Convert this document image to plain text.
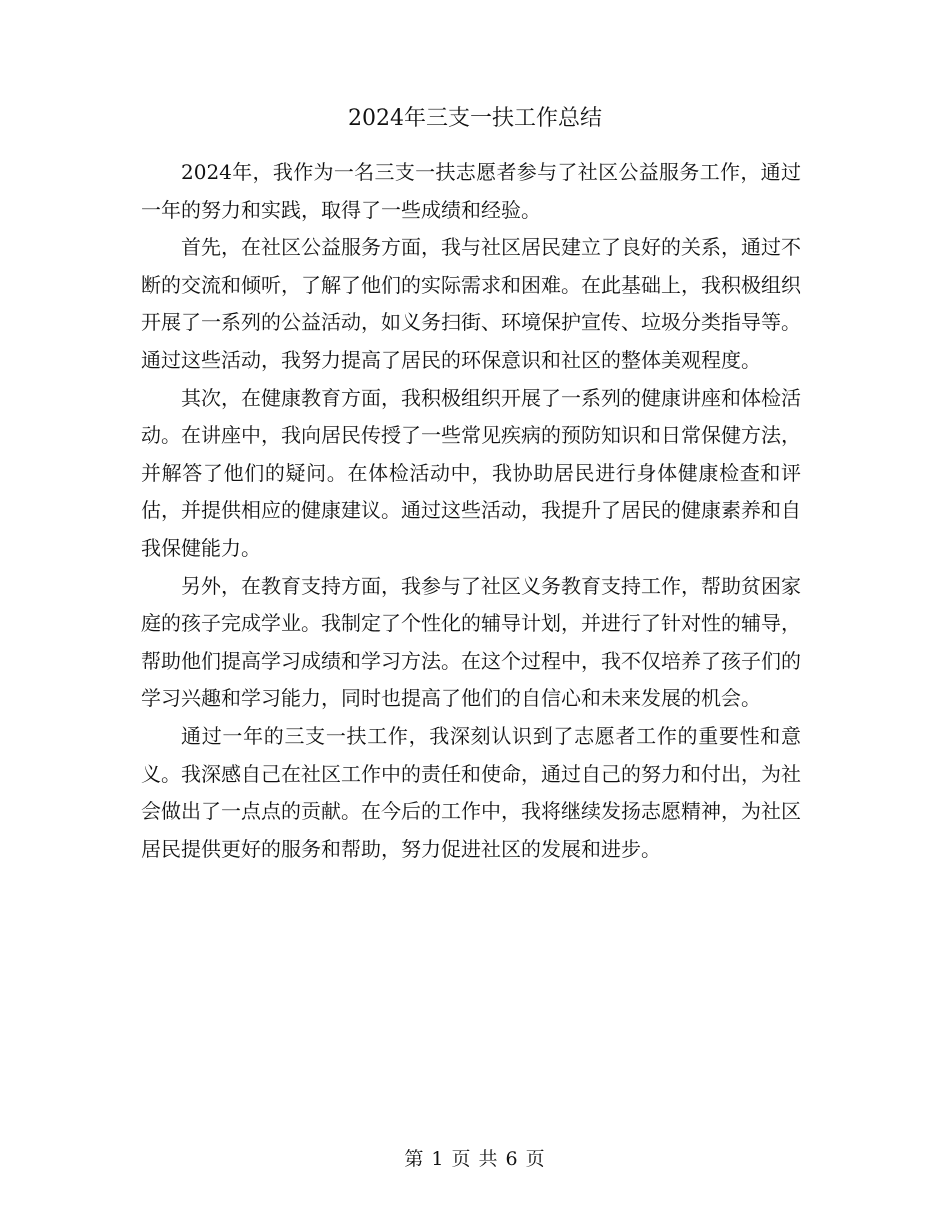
2024年三支一扶工作总结

2024年，我作为一名三支一扶志愿者参与了社区公益服务工作，通过一年的努力和实践，取得了一些成绩和经验。

首先，在社区公益服务方面，我与社区居民建立了良好的关系，通过不断的交流和倾听，了解了他们的实际需求和困难。在此基础上，我积极组织开展了一系列的公益活动，如义务扫街、环境保护宣传、垃圾分类指导等。通过这些活动，我努力提高了居民的环保意识和社区的整体美观程度。

其次，在健康教育方面，我积极组织开展了一系列的健康讲座和体检活动。在讲座中，我向居民传授了一些常见疾病的预防知识和日常保健方法，并解答了他们的疑问。在体检活动中，我协助居民进行身体健康检查和评估，并提供相应的健康建议。通过这些活动，我提升了居民的健康素养和自我保健能力。

另外，在教育支持方面，我参与了社区义务教育支持工作，帮助贫困家庭的孩子完成学业。我制定了个性化的辅导计划，并进行了针对性的辅导，帮助他们提高学习成绩和学习方法。在这个过程中，我不仅培养了孩子们的学习兴趣和学习能力，同时也提高了他们的自信心和未来发展的机会。

通过一年的三支一扶工作，我深刻认识到了志愿者工作的重要性和意义。我深感自己在社区工作中的责任和使命，通过自己的努力和付出，为社会做出了一点点的贡献。在今后的工作中，我将继续发扬志愿精神，为社区居民提供更好的服务和帮助，努力促进社区的发展和进步。

第 1 页 共 6 页
